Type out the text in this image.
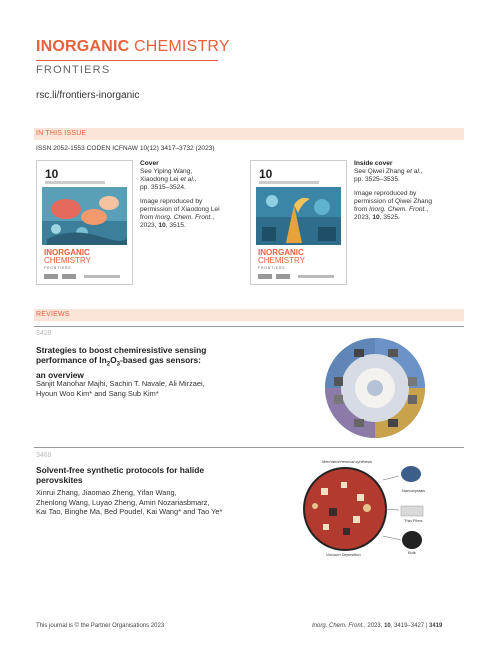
INORGANIC CHEMISTRY
FRONTIERS
rsc.li/frontiers-inorganic
IN THIS ISSUE
ISSN 2052-1553 CODEN ICFNAW 10(12) 3417–3732 (2023)
10
INORGANIC
CHEMISTRY
FRONTIERS
Cover
See Yiping Wang,
Xiaodong Lei et al.,

pp. 3515–3524.

Image reproduced by
permission of Xiaodong Lei
from Inorg. Chem. Front.,
2023, 10, 3515.
10
INORGANIC
CHEMISTRY
FRONTIERS
Inside cover
See Qiwei Zhang et al.,

pp. 3525–3535.

Image reproduced by
permission of Qiwei Zhang
from Inorg. Chem. Front.,
2023, 10, 3525.
REVIEWS
3428
Strategies to boost chemiresistive sensing
performance of $In_2O_3$-based gas sensors:
an overview
Sanjit Manohar Majhi, Sachin T. Navale, Ali Mirzaei,
Hyoun Woo Kim* and Sang Sub Kim*
3468
Solvent-free synthetic protocols for halide
perovskites
Xinrui Zhang, Jiaomao Zheng, Yifan Wang,
Zhenlong Wang, Luyao Zheng, Amin Nozariasbmarz,
Kai Tao, Binghe Ma, Bed Poudel, Kai Wang* and Tao Ye*
Mechanochemical synthesis
Vacuum Deposition
Nanocrystals
Thin Films
Bulk
This journal is © the Partner Organisations 2023	Inorg. Chem. Front., 2023, 10, 3419–3427 | 3419
